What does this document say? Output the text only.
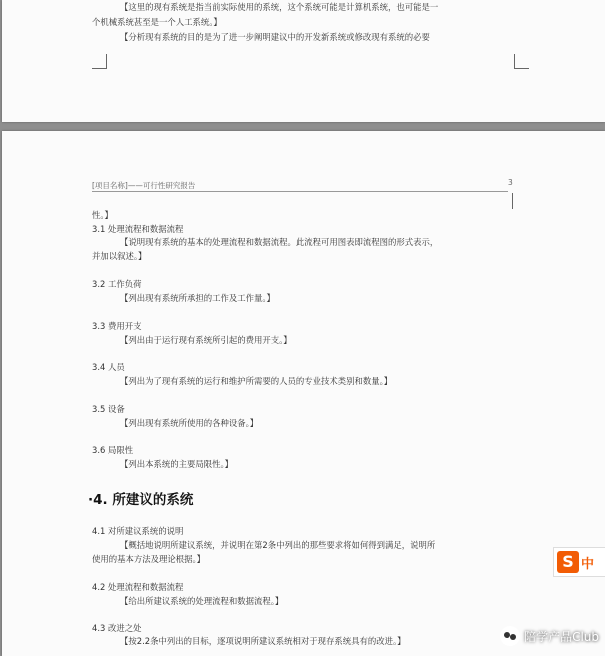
【这里的现有系统是指当前实际使用的系统，这个系统可能是计算机系统，也可能是一
个机械系统甚至是一个人工系统。】
【分析现有系统的目的是为了进一步阐明建议中的开发新系统或修改现有系统的必要
[项目名称]——可行性研究报告	3
性。】
3.1 处理流程和数据流程
【说明现有系统的基本的处理流程和数据流程。此流程可用图表即流程图的形式表示，
并加以叙述。】
3.2 工作负荷
【列出现有系统所承担的工作及工作量。】
3.3 费用开支
【列出由于运行现有系统所引起的费用开支。】
3.4 人员
【列出为了现有系统的运行和维护所需要的人员的专业技术类别和数量。】
3.5 设备
【列出现有系统所使用的各种设备。】
3.6 局限性
【列出本系统的主要局限性。】
·4. 所建议的系统
4.1 对所建议系统的说明
【概括地说明所建议系统，并说明在第2条中列出的那些要求将如何得到满足，说明所
使用的基本方法及理论根据。】
4.2 处理流程和数据流程
【给出所建议系统的处理流程和数据流程。】
4.3 改进之处
【按2.2条中列出的目标，逐项说明所建议系统相对于现存系统具有的改进。】
S 中
陪学产品Club
